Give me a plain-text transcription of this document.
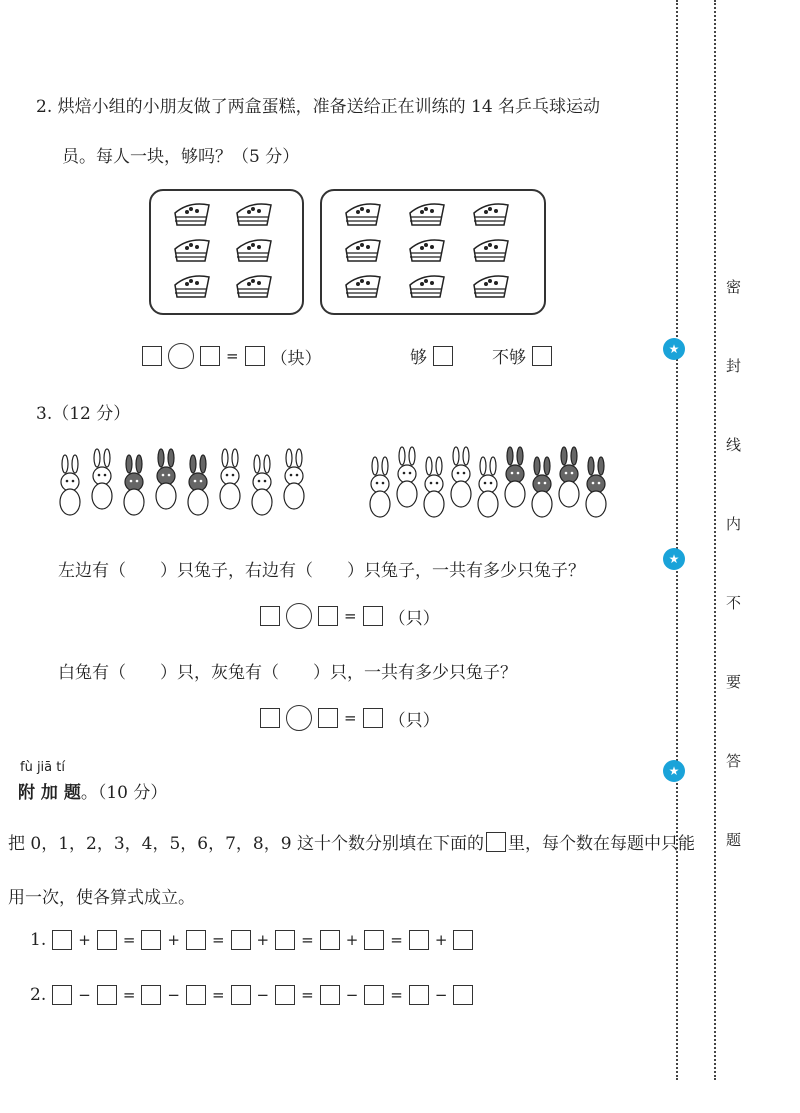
2. 烘焙小组的小朋友做了两盒蛋糕，准备送给正在训练的 14 名乒乓球运动
员。每人一块，够吗？（5 分）
= （块）	够	不够
3.（12 分）
左边有（　　）只兔子，右边有（　　）只兔子，一共有多少只兔子？
= （只）
白兔有（　　）只，灰兔有（　　）只，一共有多少只兔子？
= （只）
fù jiā tí
附 加 题。（10 分）
把 0，1，2，3，4，5，6，7，8，9 这十个数分别填在下面的 里，每个数在每题中只能
用一次，使各算式成立。
1. + = + = + = + = +
2. − = − = − = − = −
密
封
线
内
不
要
答
题
★
★
★
